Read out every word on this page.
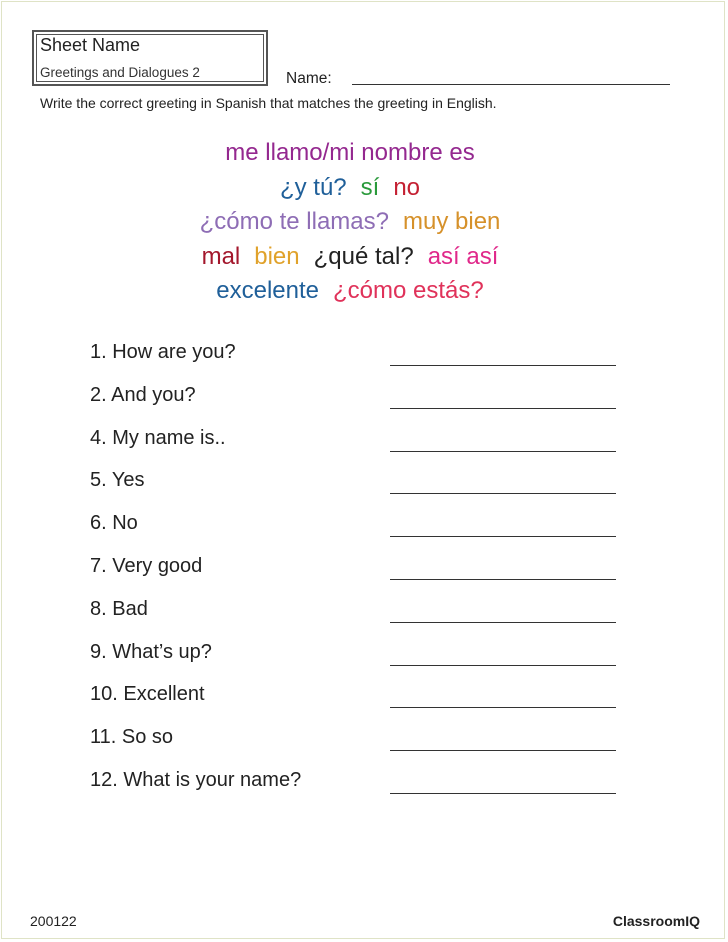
Sheet Name
Greetings and Dialogues 2	Name:
Write the correct greeting in Spanish that matches the greeting in English.
me llamo/mi nombre es
¿y tú? sí no
¿cómo te llamas? muy bien
mal bien ¿qué tal? así así
excelente ¿cómo estás?
1. How are you?
2. And you?
4. My name is..
5. Yes
6. No
7. Very good
8. Bad
9. What’s up?
10. Excellent
11. So so
12. What is your name?
200122	ClassroomIQ
